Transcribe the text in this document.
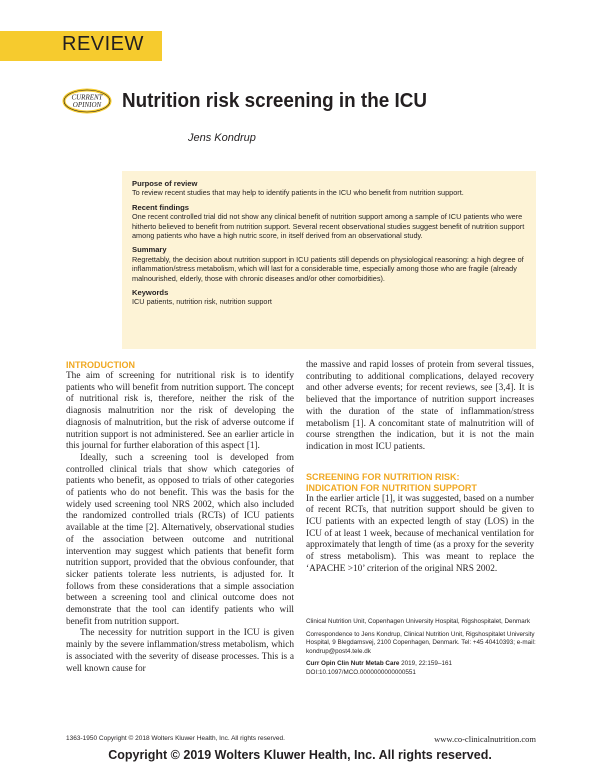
REVIEW
CURRENT
OPINION Nutrition risk screening in the ICU
Jens Kondrup

Purpose of review

To review recent studies that may help to identify patients in the ICU who benefit from nutrition support.

Recent findings

One recent controlled trial did not show any clinical benefit of nutrition support among a sample of ICU patients who were hitherto believed to benefit from nutrition support. Several recent observational studies suggest benefit of nutrition support among patients who have a high nutric score, in itself derived from an observational study.

Summary

Regrettably, the decision about nutrition support in ICU patients still depends on physiological reasoning: a high degree of inflammation/stress metabolism, which will last for a considerable time, especially among those who are fragile (already malnourished, elderly, those with chronic diseases and/or other comorbidities).

Keywords

ICU patients, nutrition risk, nutrition support

INTRODUCTION

The aim of screening for nutritional risk is to identify patients who will benefit from nutrition support. The concept of nutritional risk is, therefore, neither the risk of the diagnosis malnutrition nor the risk of developing the diagnosis of malnutrition, but the risk of adverse outcome if nutrition support is not administered. See an earlier article in this journal for further elaboration of this aspect [1].

Ideally, such a screening tool is developed from controlled clinical trials that show which categories of patients who benefit, as opposed to trials of other categories of patients who do not benefit. This was the basis for the widely used screening tool NRS 2002, which also included the randomized controlled trials (RCTs) of ICU patients available at the time [2]. Alternatively, observational studies of the association between outcome and nutritional intervention may suggest which patients that benefit form nutrition support, provided that the obvious confounder, that sicker patients tolerate less nutrients, is adjusted for. It follows from these considerations that a simple association between a screening tool and clinical outcome does not demonstrate that the tool can identify patients who will benefit from nutrition support.

The necessity for nutrition support in the ICU is given mainly by the severe inflammation/stress metabolism, which is associated with the severity of disease processes. This is a well known cause for

the massive and rapid losses of protein from several tissues, contributing to additional complications, delayed recovery and other adverse events; for recent reviews, see [3,4]. It is believed that the importance of nutrition support increases with the duration of the state of inflammation/stress metabolism [1]. A concomitant state of malnutrition will of course strengthen the indication, but it is not the main indication in most ICU patients.

SCREENING FOR NUTRITION RISK:

INDICATION FOR NUTRITION SUPPORT

In the earlier article [1], it was suggested, based on a number of recent RCTs, that nutrition support should be given to ICU patients with an expected length of stay (LOS) in the ICU of at least 1 week, because of mechanical ventilation for approximately that length of time (as a proxy for the severity of stress metabolism). This was meant to replace the ‘APACHE >10’ criterion of the original NRS 2002.

Clinical Nutrition Unit, Copenhagen University Hospital, Rigshospitalet, Denmark

Correspondence to Jens Kondrup, Clinical Nutrition Unit, Rigshospitalet University Hospital, 9 Blegdamsvej, 2100 Copenhagen, Denmark. Tel: +45 40410393; e-mail: kondrup@post4.tele.dk

Curr Opin Clin Nutr Metab Care 2019, 22:159–161

DOI:10.1097/MCO.0000000000000551

1363-1950 Copyright © 2018 Wolters Kluwer Health, Inc. All rights reserved.	www.co-clinicalnutrition.com
Copyright © 2019 Wolters Kluwer Health, Inc. All rights reserved.
